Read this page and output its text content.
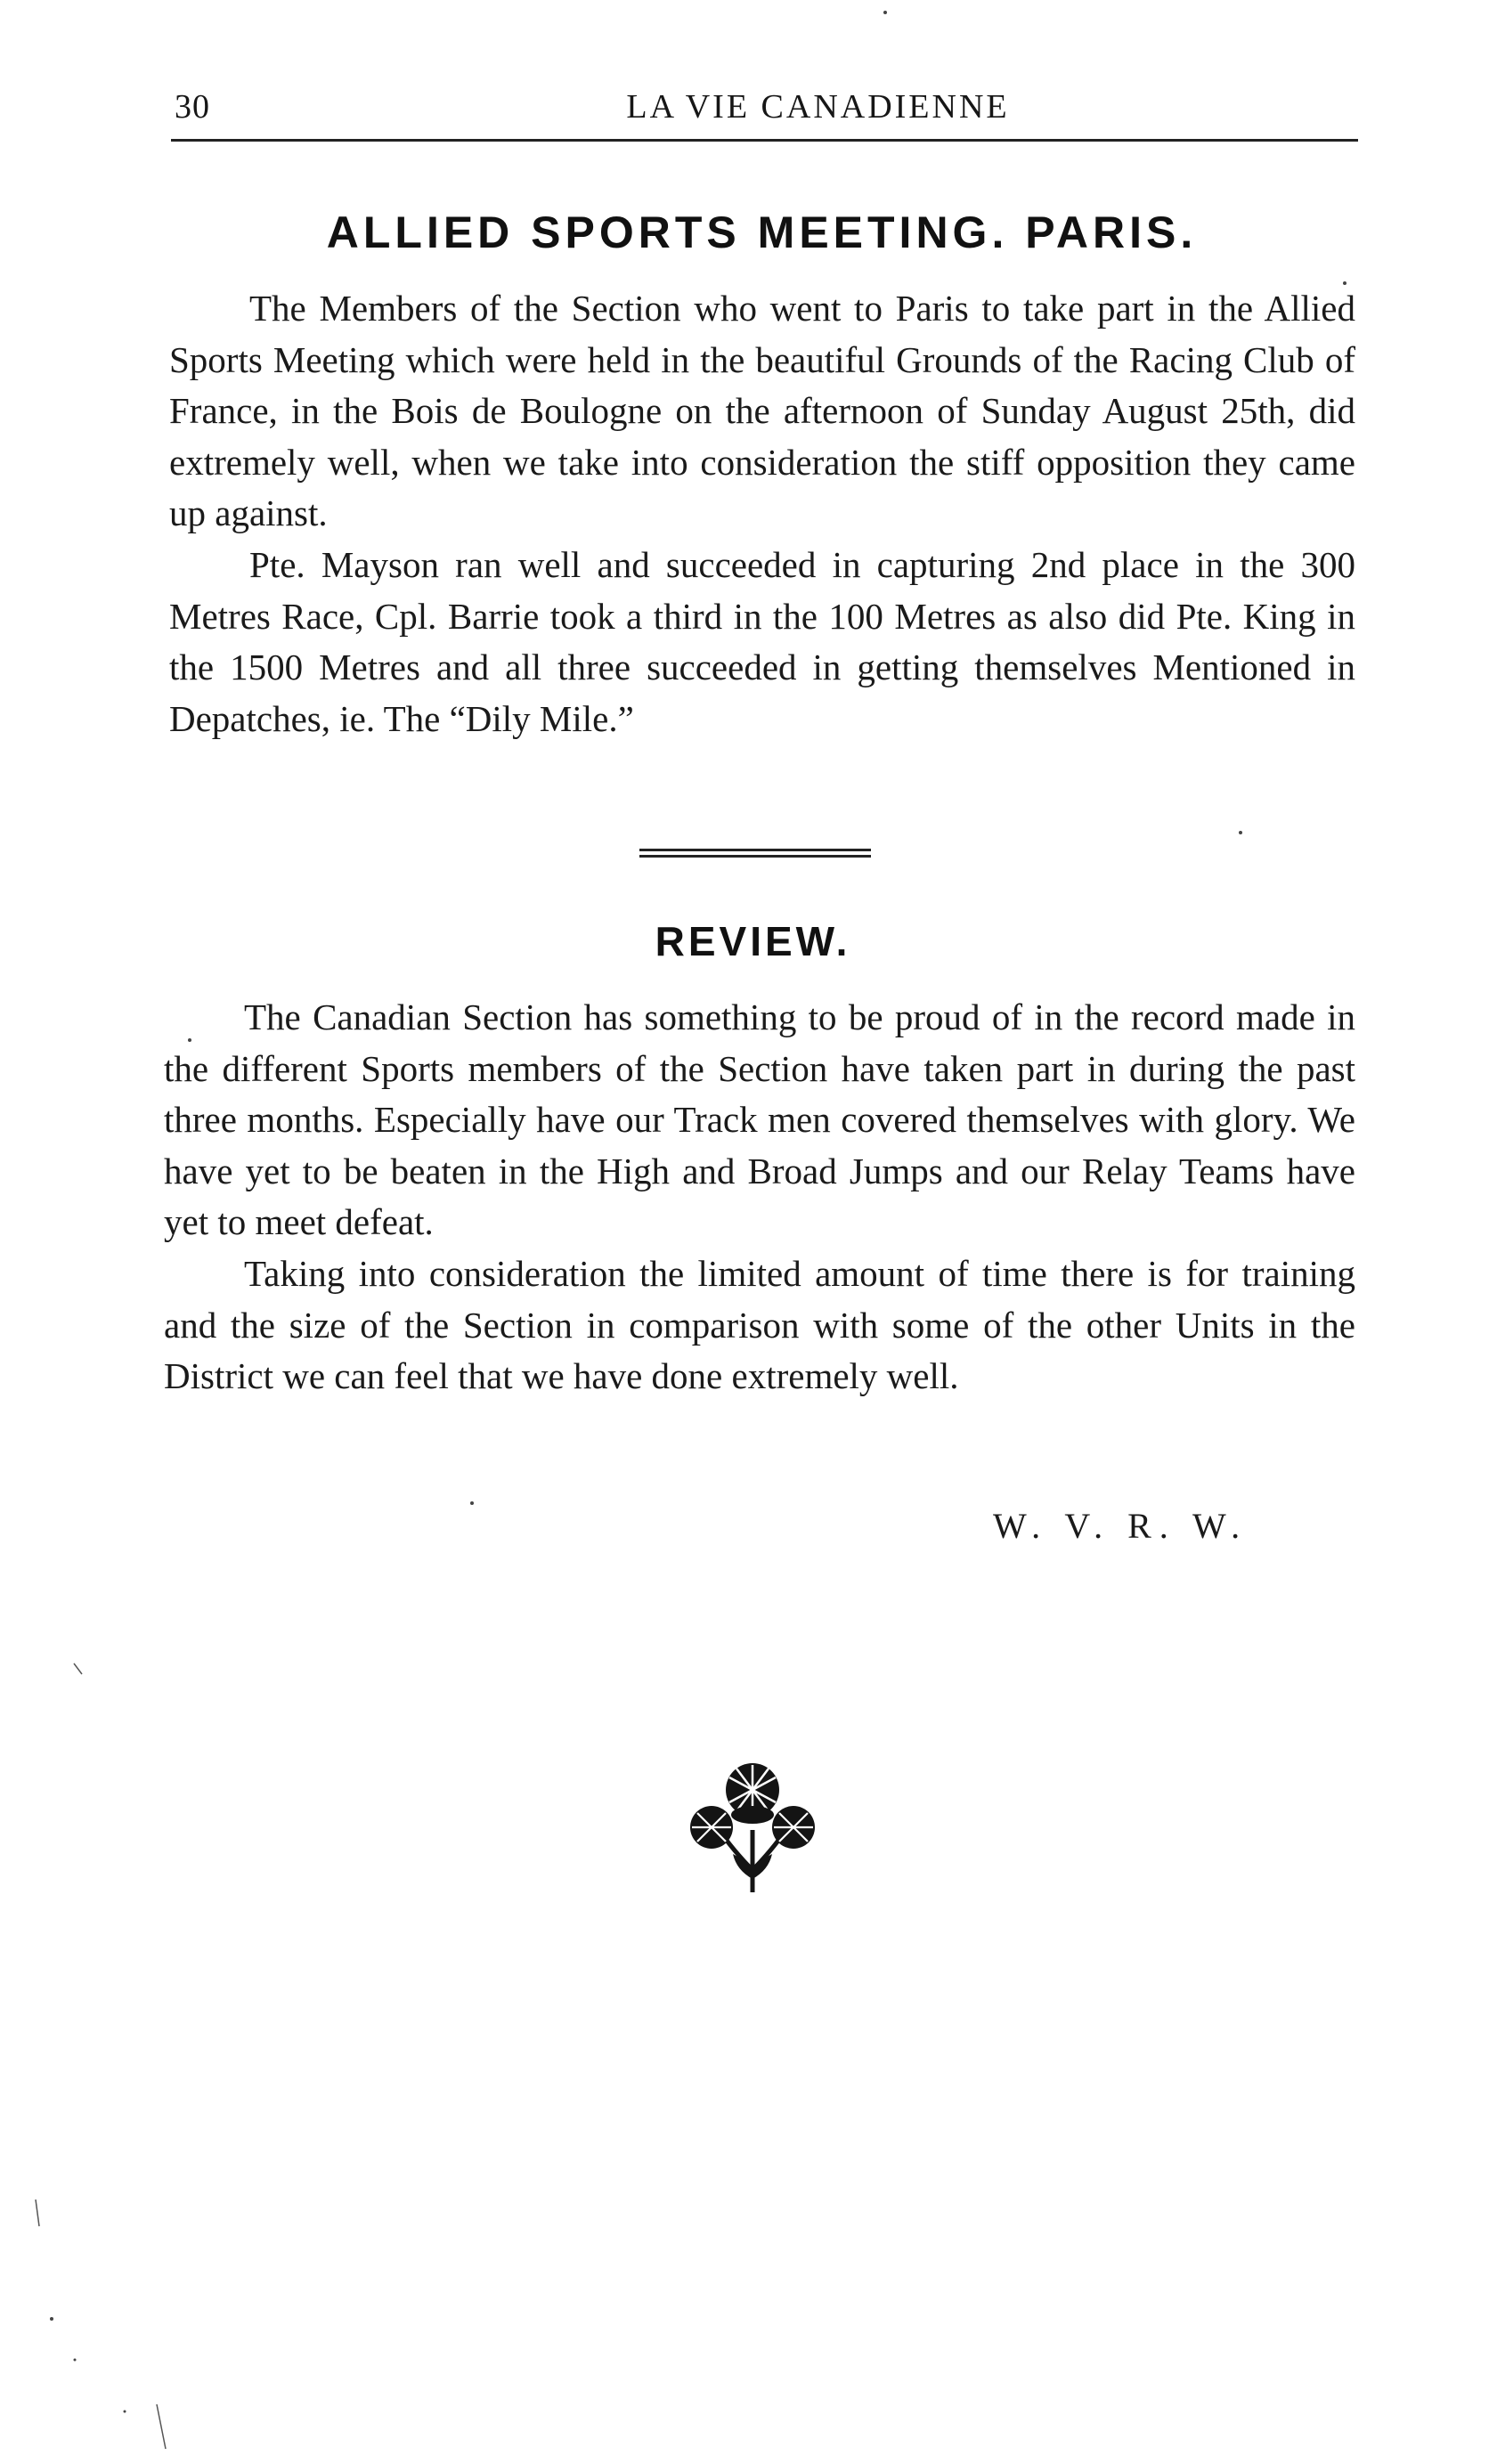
30	LA VIE CANADIENNE
ALLIED SPORTS MEETING. PARIS.

The Members of the Section who went to Paris to take part in the Allied Sports Meeting which were held in the beautiful Grounds of the Racing Club of France, in the Bois de Boulogne on the afternoon of Sunday August 25th, did extremely well, when we take into consideration the stiff opposition they came up against.

Pte. Mayson ran well and succeeded in capturing 2nd place in the 300 Metres Race, Cpl. Barrie took a third in the 100 Metres as also did Pte. King in the 1500 Metres and all three succeeded in getting themselves Mentioned in Depatches, ie. The “Dily Mile.”

REVIEW.

The Canadian Section has something to be proud of in the record made in the different Sports members of the Section have taken part in during the past three months. Especially have our Track men covered themselves with glory. We have yet to be beaten in the High and Broad Jumps and our Relay Teams have yet to meet defeat.

Taking into consideration the limited amount of time there is for training and the size of the Section in comparison with some of the other Units in the District we can feel that we have done extremely well.

W. V. R. W.
